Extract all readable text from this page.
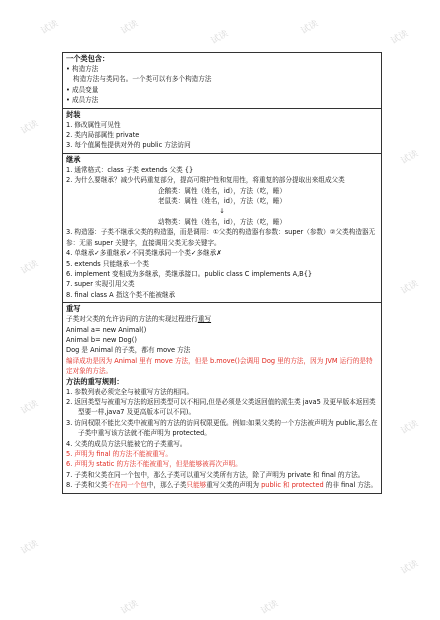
试读	试读
试读
试读
试读
试读
试读
试读
试读
试读
试读
试读
试读
试读	试读
一个类包含：
• 构造方法
构造方法与类同名。一个类可以有多个构造方法
• 成员变量
• 成员方法
封装
1. 修改属性可见性
2. 类内局部属性 private
3. 每个值属性提供对外的 public 方法访问
继承
1. 通常格式：class 子类 extends 父类 {}
2. 为什么要继承？减少代码重复部分，提高可维护性和复用性，将重复的部分提取出来组成父类
企鹅类：属性（姓名，id），方法（吃，睡）
老鼠类：属性（姓名，id），方法（吃，睡）
↓
动物类：属性（姓名，id），方法（吃，睡）
3. 构造器：子类不继承父类的构造器，而是调用：①父类的构造器有参数：super（参数）②父类构造器无参：无需 super 关键字，直接调用父类无参关键字。
4. 单继承✓多重继承✓不同类继承同一个类✓多继承✗
5. extends 只能继承一个类
6. implement 变相成为多继承，类继承接口。public class C implements A,B{}
7. super 实现引用父类
8. final class A 指这个类不能被继承
重写
子类对父类的允许访问的方法的实现过程进行重写
Animal a= new Animal()
Animal b= new Dog()
Dog 是 Animal 的子类，都有 move 方法
编译成功是因为 Animal 里有 move 方法，但是 b.move()会调用 Dog 里的方法，因为 JVM 运行的是特定对象的方法。
方法的重写规则：
1. 参数列表必须完全与被重写方法的相同。
2. 返回类型与被重写方法的返回类型可以不相同,但是必须是父类返回值的派生类 java5 及更早版本返回类型要一样,java7 及更高版本可以不同)。
3. 访问权限不能比父类中被重写的方法的访问权限更低。例如:如果父类的一个方法被声明为 public,那么在子类中重写该方法就不能声明为 protected。
4. 父类的成员方法只能被它的子类重写。
5. 声明为 final 的方法不能被重写。
6. 声明为 static 的方法不能被重写，但是能够被再次声明。
7. 子类和父类在同一个包中，那么子类可以重写父类所有方法，除了声明为 private 和 final 的方法。
8. 子类和父类不在同一个包中，那么子类只能够重写父类的声明为 public 和 protected 的非 final 方法。
